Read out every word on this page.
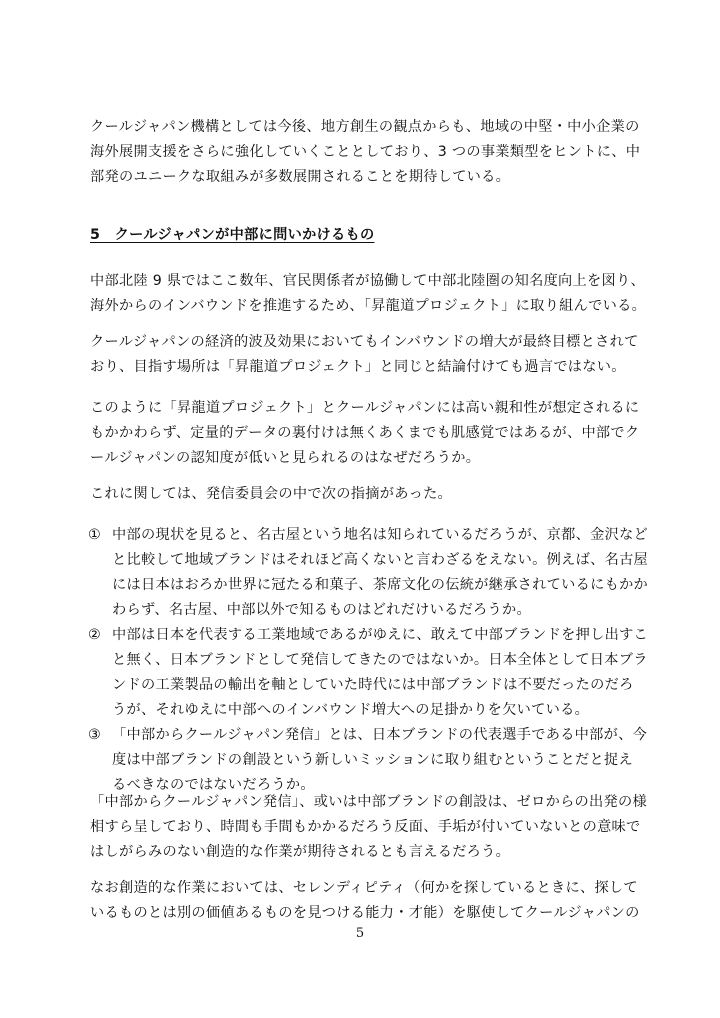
クールジャパン機構としては今後、地方創生の観点からも、地域の中堅・中小企業の
海外展開支援をさらに強化していくこととしており、3 つの事業類型をヒントに、中
部発のユニークな取組みが多数展開されることを期待している。

5　クールジャパンが中部に問いかけるもの

中部北陸 9 県ではここ数年、官民関係者が協働して中部北陸圏の知名度向上を図り、
海外からのインバウンドを推進するため、「昇龍道プロジェクト」に取り組んでいる。

クールジャパンの経済的波及効果においてもインバウンドの増大が最終目標とされて
おり、目指す場所は「昇龍道プロジェクト」と同じと結論付けても過言ではない。

このように「昇龍道プロジェクト」とクールジャパンには高い親和性が想定されるに
もかかわらず、定量的データの裏付けは無くあくまでも肌感覚ではあるが、中部でク
ールジャパンの認知度が低いと見られるのはなぜだろうか。

これに関しては、発信委員会の中で次の指摘があった。

① 中部の現状を見ると、名古屋という地名は知られているだろうが、京都、金沢など
と比較して地域ブランドはそれほど高くないと言わざるをえない。例えば、名古屋
には日本はおろか世界に冠たる和菓子、茶席文化の伝統が継承されているにもかか
わらず、名古屋、中部以外で知るものはどれだけいるだろうか。
② 中部は日本を代表する工業地域であるがゆえに、敢えて中部ブランドを押し出すこ
と無く、日本ブランドとして発信してきたのではないか。日本全体として日本ブラ
ンドの工業製品の輸出を軸としていた時代には中部ブランドは不要だったのだろ
うが、それゆえに中部へのインバウンド増大への足掛かりを欠いている。
③ 「中部からクールジャパン発信」とは、日本ブランドの代表選手である中部が、今
度は中部ブランドの創設という新しいミッションに取り組むということだと捉え
るべきなのではないだろうか。

「中部からクールジャパン発信」、或いは中部ブランドの創設は、ゼロからの出発の様
相すら呈しており、時間も手間もかかるだろう反面、手垢が付いていないとの意味で
はしがらみのない創造的な作業が期待されるとも言えるだろう。

なお創造的な作業においては、セレンディピティ（何かを探しているときに、探して
いるものとは別の価値あるものを見つける能力・才能）を駆使してクールジャパンの

5
